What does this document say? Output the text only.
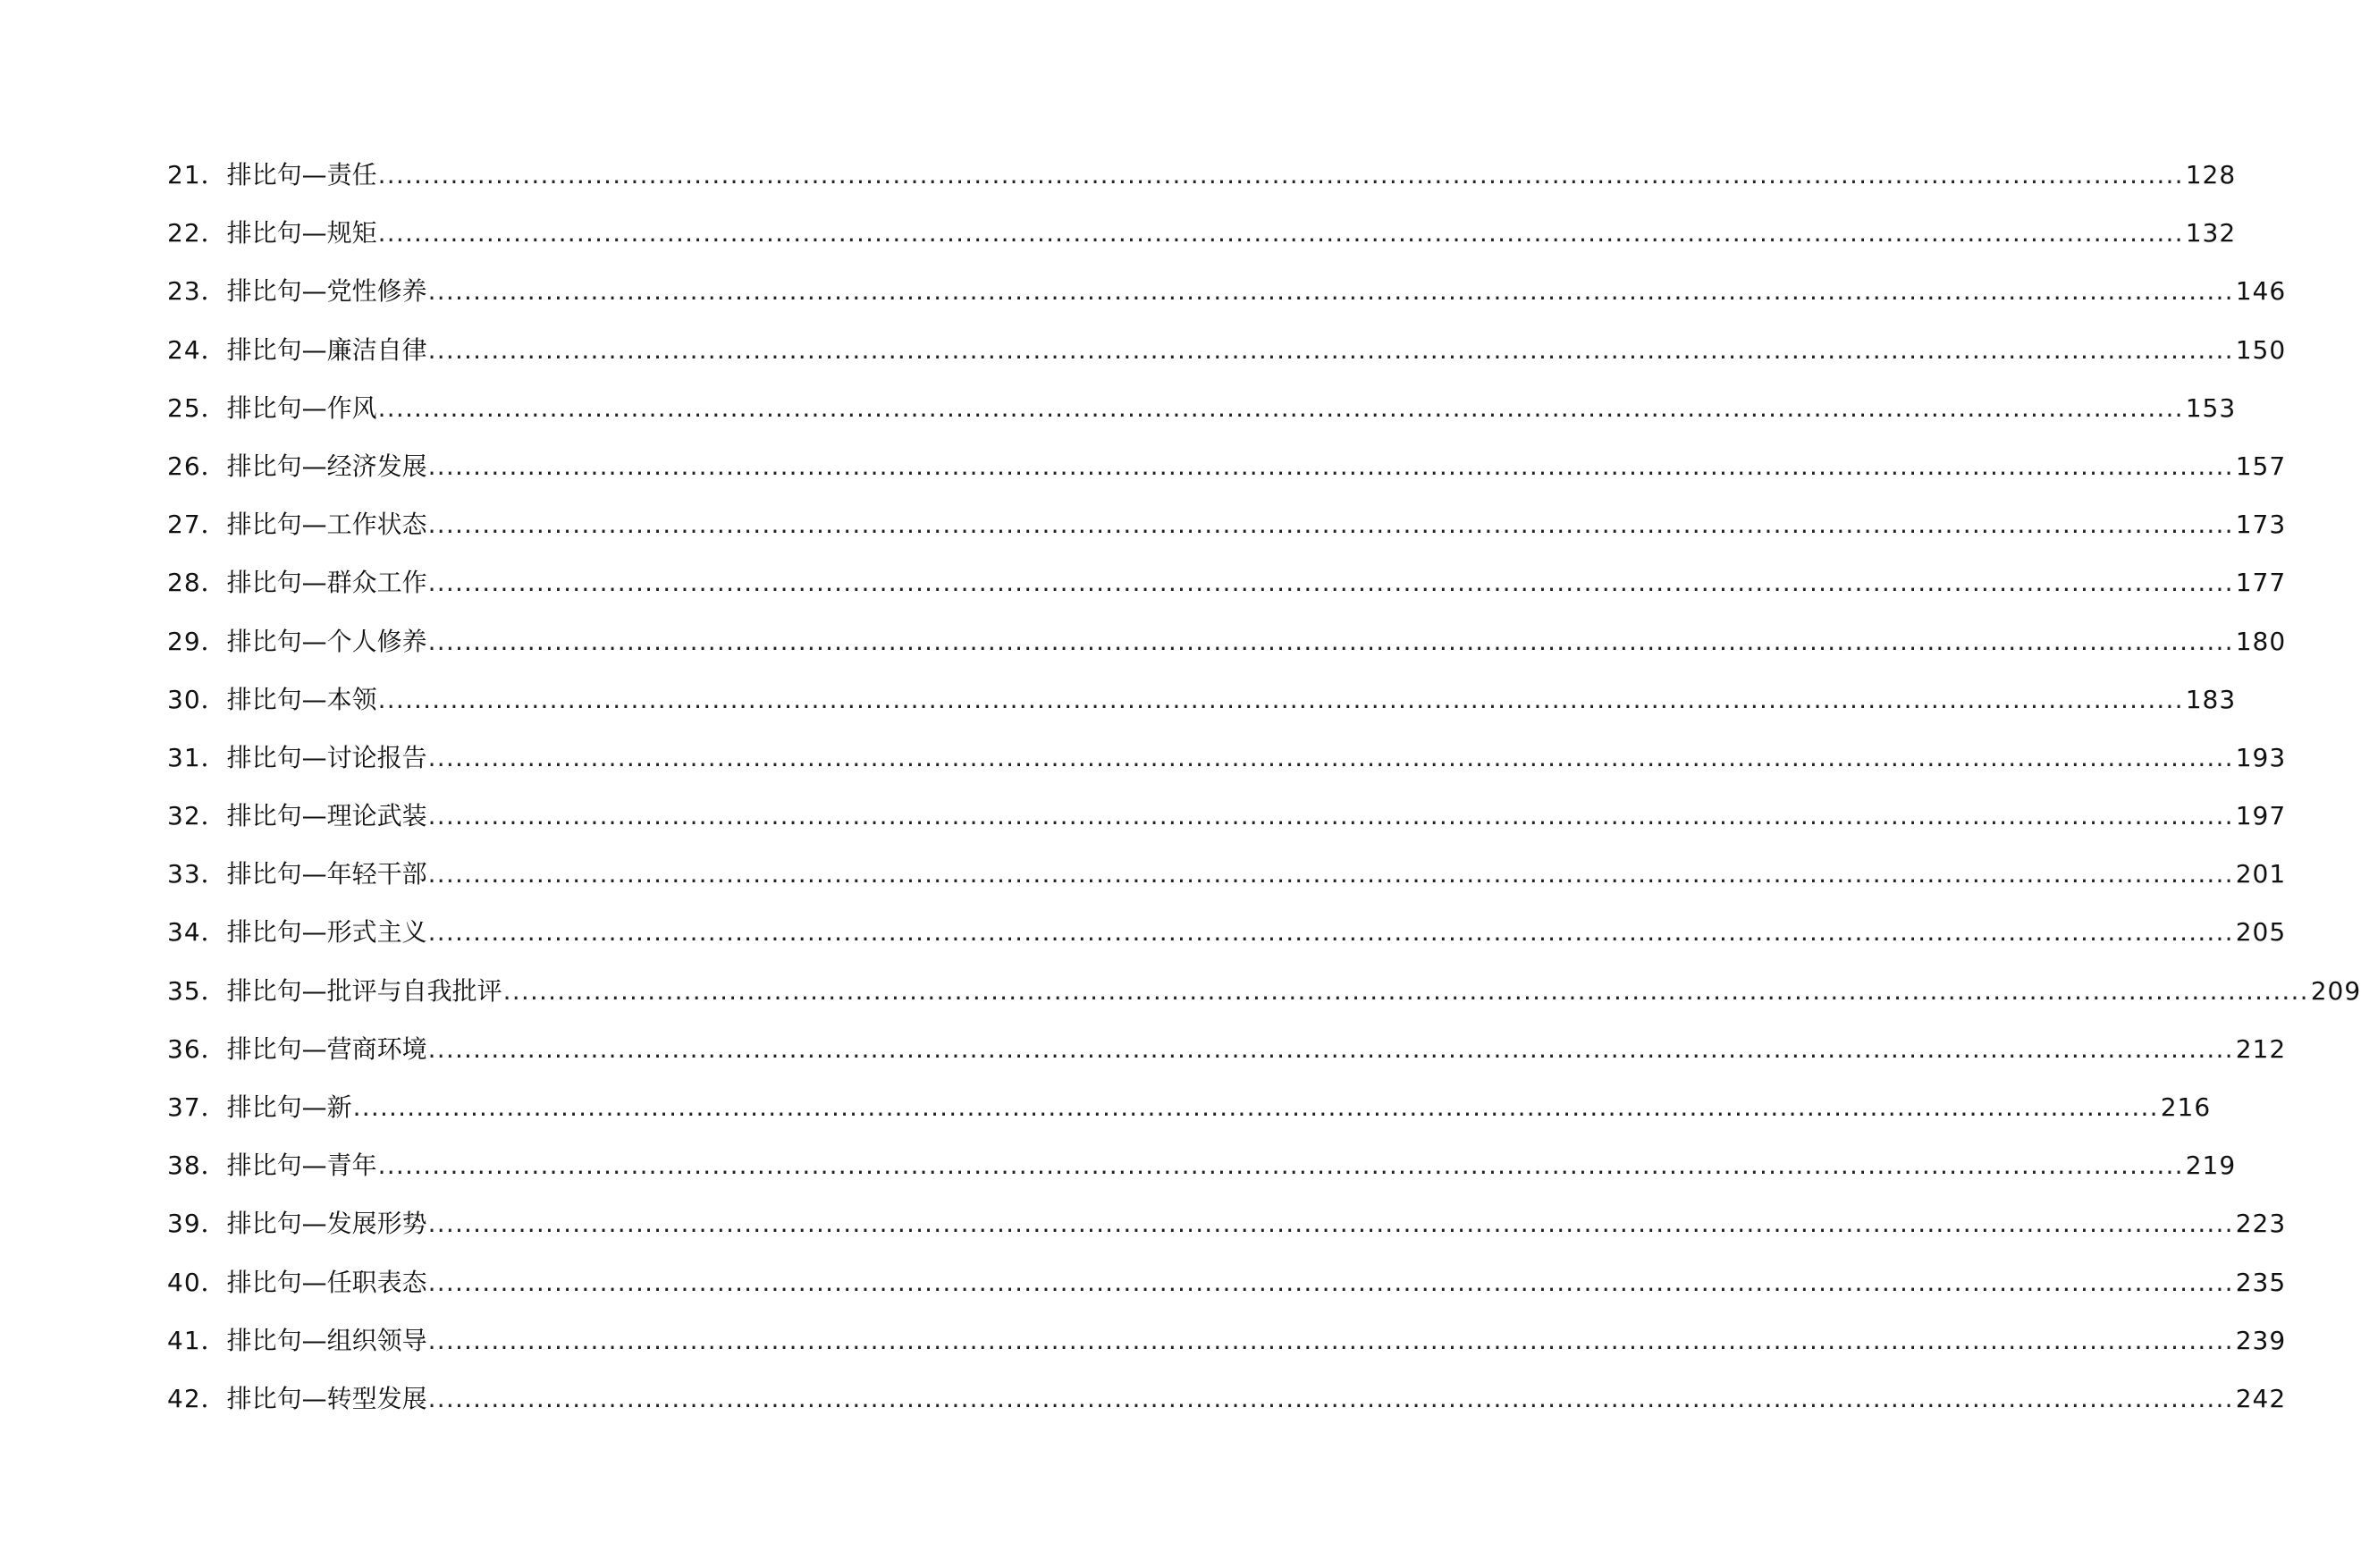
21． 排比句—责任 ........................................................................................................................................................................................................ 128
22． 排比句—规矩 ........................................................................................................................................................................................................ 132
23． 排比句—党性修养 ........................................................................................................................................................................................................ 146
24． 排比句—廉洁自律 ........................................................................................................................................................................................................ 150
25． 排比句—作风 ........................................................................................................................................................................................................ 153
26． 排比句—经济发展 ........................................................................................................................................................................................................ 157
27． 排比句—工作状态 ........................................................................................................................................................................................................ 173
28． 排比句—群众工作 ........................................................................................................................................................................................................ 177
29． 排比句—个人修养 ........................................................................................................................................................................................................ 180
30． 排比句—本领 ........................................................................................................................................................................................................ 183
31． 排比句—讨论报告 ........................................................................................................................................................................................................ 193
32． 排比句—理论武装 ........................................................................................................................................................................................................ 197
33． 排比句—年轻干部 ........................................................................................................................................................................................................ 201
34． 排比句—形式主义 ........................................................................................................................................................................................................ 205
35． 排比句—批评与自我批评 ........................................................................................................................................................................................................ 209
36． 排比句—营商环境 ........................................................................................................................................................................................................ 212
37． 排比句—新 ........................................................................................................................................................................................................ 216
38． 排比句—青年 ........................................................................................................................................................................................................ 219
39． 排比句—发展形势 ........................................................................................................................................................................................................ 223
40． 排比句—任职表态 ........................................................................................................................................................................................................ 235
41． 排比句—组织领导 ........................................................................................................................................................................................................ 239
42． 排比句—转型发展 ........................................................................................................................................................................................................ 242
